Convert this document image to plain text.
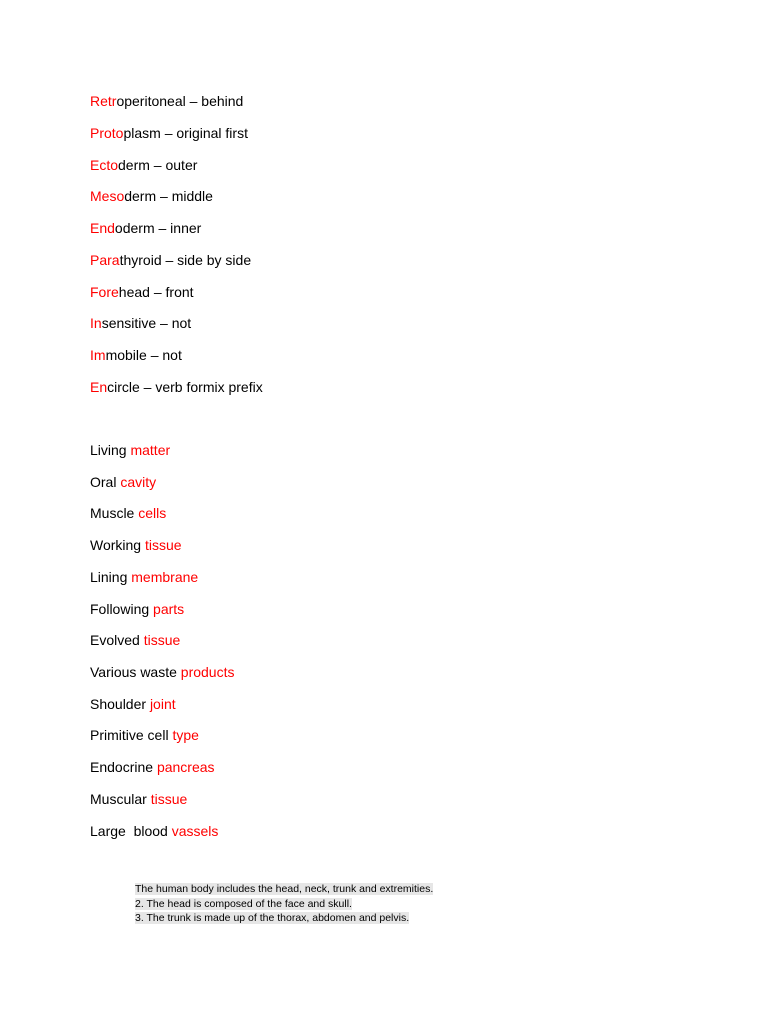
Retroperitoneal – behind
Protoplasm – original first
Ectoderm – outer
Mesoderm – middle
Endoderm – inner
Parathyroid – side by side
Forehead – front
Insensitive – not
Immobile – not
Encircle – verb formix prefix
Living matter
Oral cavity
Muscle cells
Working tissue
Lining membrane
Following parts
Evolved tissue
Various waste products
Shoulder joint
Primitive cell type
Endocrine pancreas
Muscular tissue
Large  blood vassels
The human body includes the head, neck, trunk and extremities.
2. The head is composed of the face and skull.
3. The trunk is made up of the thorax, abdomen and pelvis.
